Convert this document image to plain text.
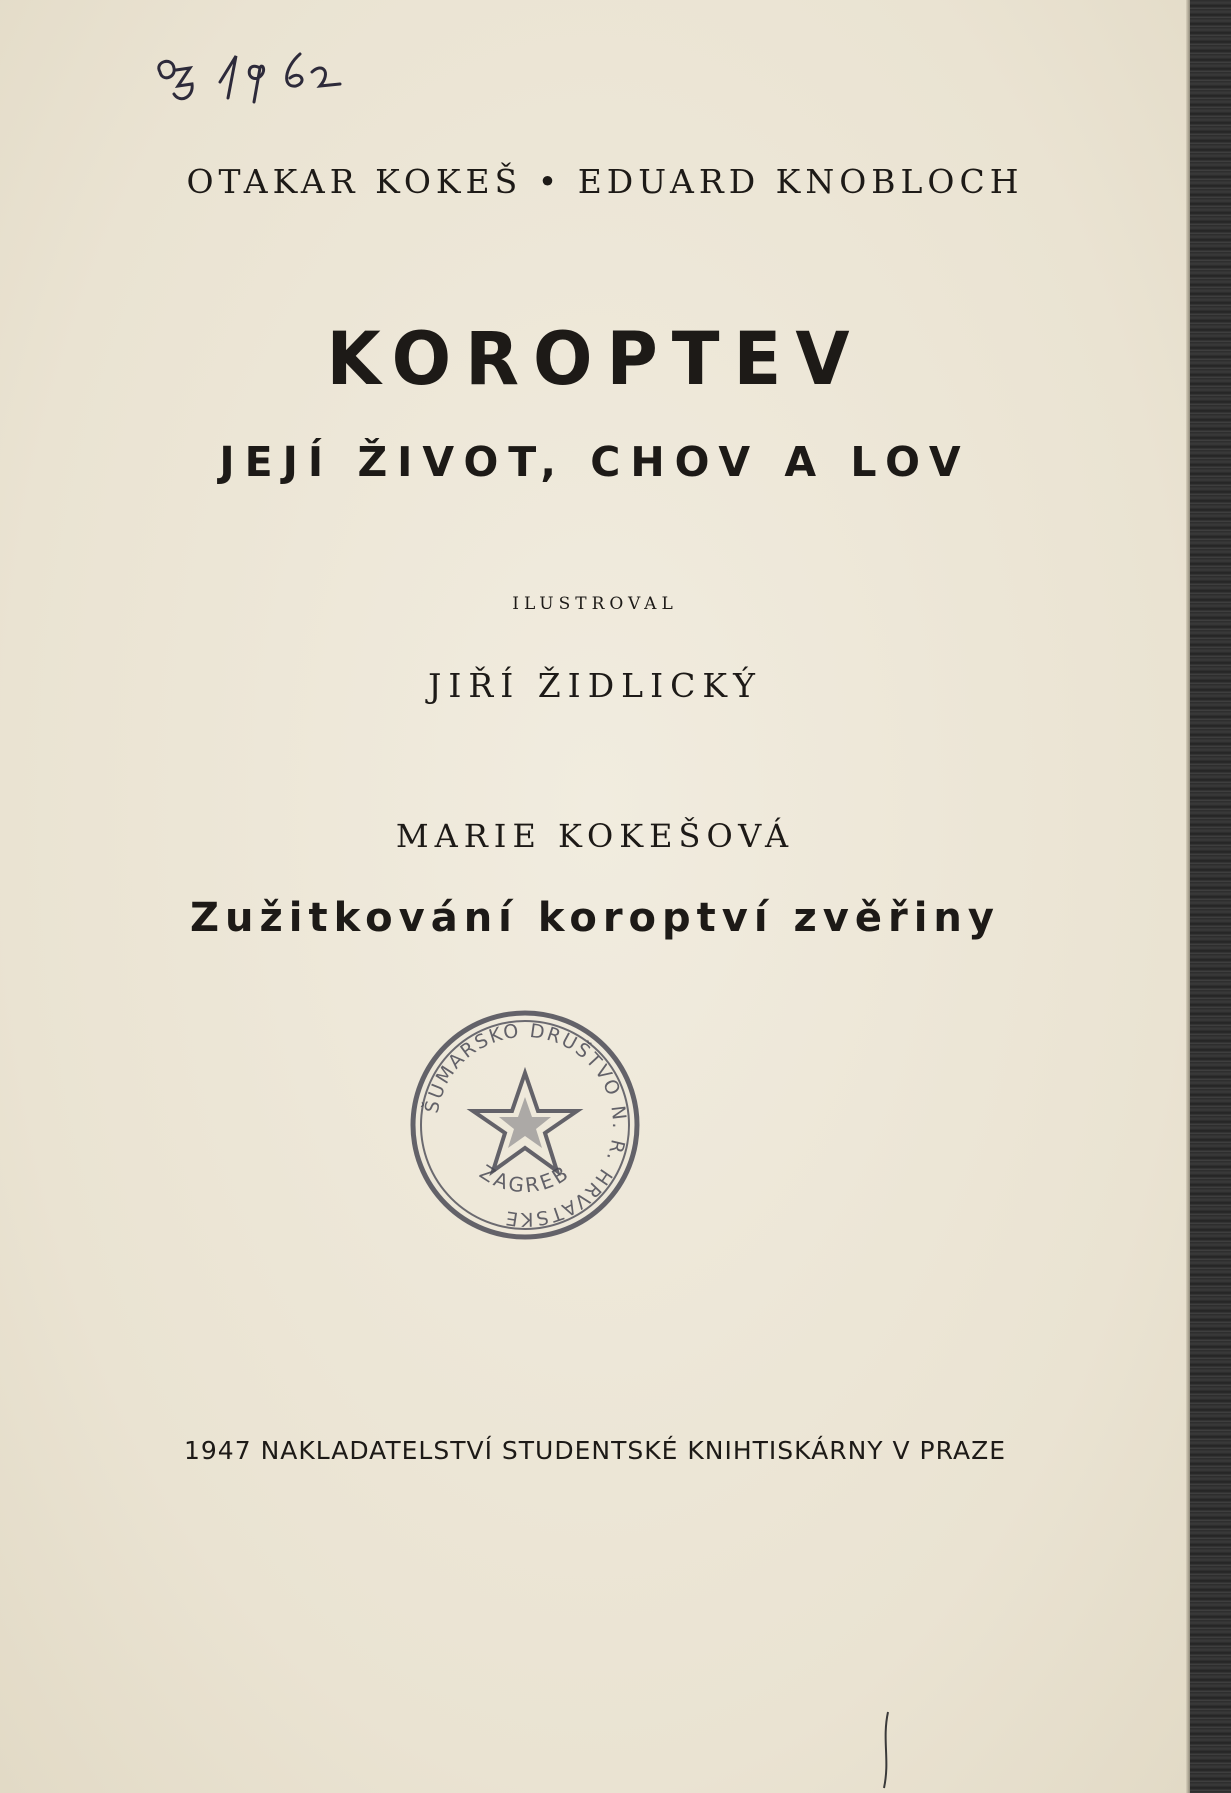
OTAKAR KOKEŠ • EDUARD KNOBLOCH
KOROPTEV
JEJÍ ŽIVOT, CHOV A LOV
ILUSTROVAL
JIŘÍ ŽIDLICKÝ
MARIE KOKEŠOVÁ
Zužitkování koroptví zvěřiny
ŠUMARSKO DRUŠTVO N. R. HRVATSKE
ZAGREB
1947 NAKLADATELSTVÍ STUDENTSKÉ KNIHTISKÁRNY V PRAZE
